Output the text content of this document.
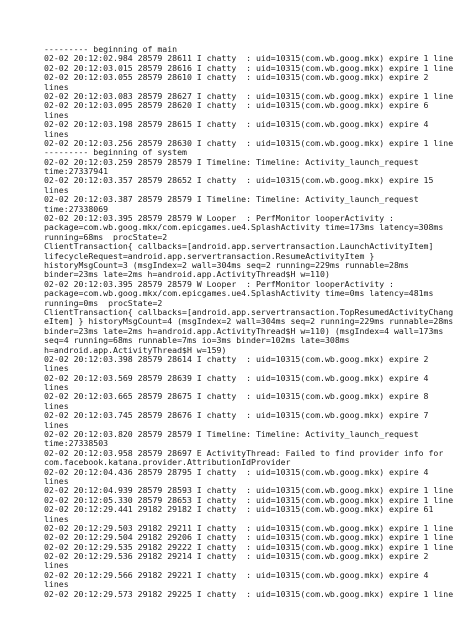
--------- beginning of main
02-02 20:12:02.984 28579 28611 I chatty  : uid=10315(com.wb.goog.mkx) expire 1 line
02-02 20:12:03.015 28579 28616 I chatty  : uid=10315(com.wb.goog.mkx) expire 1 line
02-02 20:12:03.055 28579 28610 I chatty  : uid=10315(com.wb.goog.mkx) expire 2
lines
02-02 20:12:03.083 28579 28627 I chatty  : uid=10315(com.wb.goog.mkx) expire 1 line
02-02 20:12:03.095 28579 28620 I chatty  : uid=10315(com.wb.goog.mkx) expire 6
lines
02-02 20:12:03.198 28579 28615 I chatty  : uid=10315(com.wb.goog.mkx) expire 4
lines
02-02 20:12:03.256 28579 28630 I chatty  : uid=10315(com.wb.goog.mkx) expire 1 line
--------- beginning of system
02-02 20:12:03.259 28579 28579 I Timeline: Timeline: Activity_launch_request
time:27337941
02-02 20:12:03.357 28579 28652 I chatty  : uid=10315(com.wb.goog.mkx) expire 15
lines
02-02 20:12:03.387 28579 28579 I Timeline: Timeline: Activity_launch_request
time:27338069
02-02 20:12:03.395 28579 28579 W Looper  : PerfMonitor looperActivity :
package=com.wb.goog.mkx/com.epicgames.ue4.SplashActivity time=173ms latency=308ms
running=68ms  procState=2
ClientTransaction{ callbacks=[android.app.servertransaction.LaunchActivityItem]
lifecycleRequest=android.app.servertransaction.ResumeActivityItem }
historyMsgCount=3 (msgIndex=2 wall=304ms seq=2 running=229ms runnable=28ms
binder=23ms late=2ms h=android.app.ActivityThread$H w=110)
02-02 20:12:03.395 28579 28579 W Looper  : PerfMonitor looperActivity :
package=com.wb.goog.mkx/com.epicgames.ue4.SplashActivity time=0ms latency=481ms
running=0ms  procState=2
ClientTransaction{ callbacks=[android.app.servertransaction.TopResumedActivityChang
eItem] } historyMsgCount=4 (msgIndex=2 wall=304ms seq=2 running=229ms runnable=28ms
binder=23ms late=2ms h=android.app.ActivityThread$H w=110) (msgIndex=4 wall=173ms
seq=4 running=68ms runnable=7ms io=3ms binder=102ms late=308ms
h=android.app.ActivityThread$H w=159)
02-02 20:12:03.398 28579 28614 I chatty  : uid=10315(com.wb.goog.mkx) expire 2
lines
02-02 20:12:03.569 28579 28639 I chatty  : uid=10315(com.wb.goog.mkx) expire 4
lines
02-02 20:12:03.665 28579 28675 I chatty  : uid=10315(com.wb.goog.mkx) expire 8
lines
02-02 20:12:03.745 28579 28676 I chatty  : uid=10315(com.wb.goog.mkx) expire 7
lines
02-02 20:12:03.820 28579 28579 I Timeline: Timeline: Activity_launch_request
time:27338503
02-02 20:12:03.958 28579 28697 E ActivityThread: Failed to find provider info for
com.facebook.katana.provider.AttributionIdProvider
02-02 20:12:04.436 28579 28795 I chatty  : uid=10315(com.wb.goog.mkx) expire 4
lines
02-02 20:12:04.939 28579 28593 I chatty  : uid=10315(com.wb.goog.mkx) expire 1 line
02-02 20:12:05.330 28579 28653 I chatty  : uid=10315(com.wb.goog.mkx) expire 1 line
02-02 20:12:29.441 29182 29182 I chatty  : uid=10315(com.wb.goog.mkx) expire 61
lines
02-02 20:12:29.503 29182 29211 I chatty  : uid=10315(com.wb.goog.mkx) expire 1 line
02-02 20:12:29.504 29182 29206 I chatty  : uid=10315(com.wb.goog.mkx) expire 1 line
02-02 20:12:29.535 29182 29222 I chatty  : uid=10315(com.wb.goog.mkx) expire 1 line
02-02 20:12:29.536 29182 29214 I chatty  : uid=10315(com.wb.goog.mkx) expire 2
lines
02-02 20:12:29.566 29182 29221 I chatty  : uid=10315(com.wb.goog.mkx) expire 4
lines
02-02 20:12:29.573 29182 29225 I chatty  : uid=10315(com.wb.goog.mkx) expire 1 line
